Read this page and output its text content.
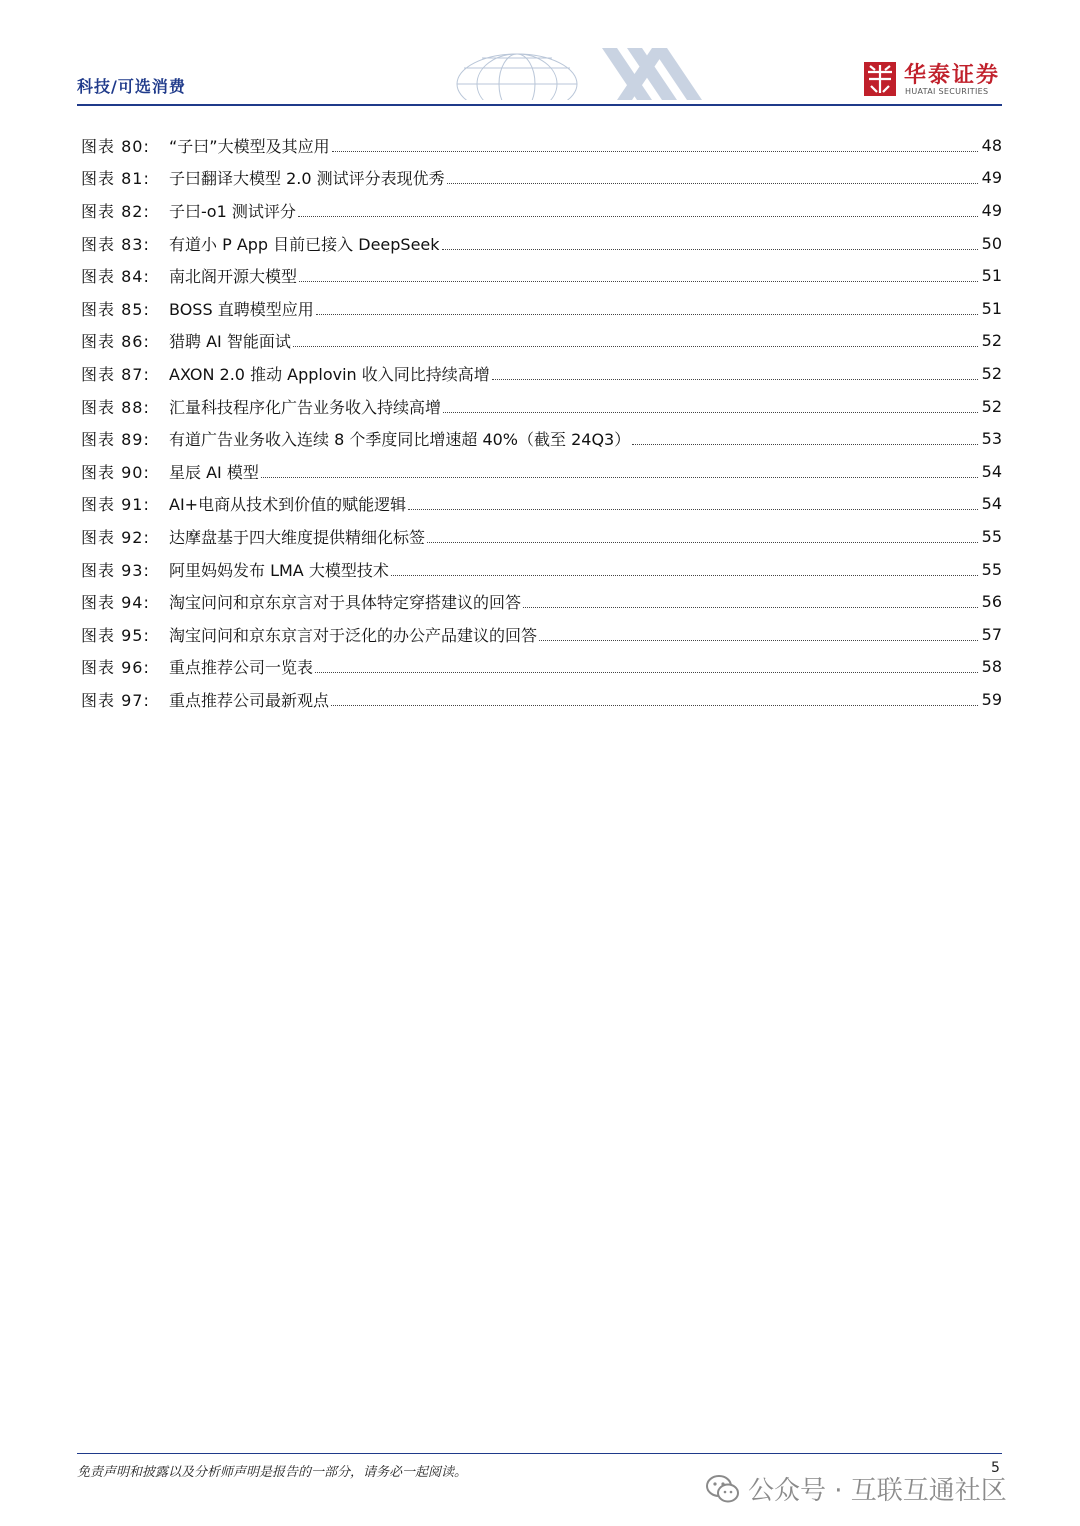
科技/可选消费	华泰证券
HUATAI SECURITIES
图表 80:	“子曰”大模型及其应用	48
图表 81:	子曰翻译大模型 2.0 测试评分表现优秀	49
图表 82:	子曰-o1 测试评分	49
图表 83:	有道小 P App 目前已接入 DeepSeek	50
图表 84:	南北阁开源大模型	51
图表 85:	BOSS 直聘模型应用	51
图表 86:	猎聘 AI 智能面试	52
图表 87:	AXON 2.0 推动 Applovin 收入同比持续高增	52
图表 88:	汇量科技程序化广告业务收入持续高增	52
图表 89:	有道广告业务收入连续 8 个季度同比增速超 40%（截至 24Q3）	53
图表 90:	星辰 AI 模型	54
图表 91:	AI+电商从技术到价值的赋能逻辑	54
图表 92:	达摩盘基于四大维度提供精细化标签	55
图表 93:	阿里妈妈发布 LMA 大模型技术	55
图表 94:	淘宝问问和京东京言对于具体特定穿搭建议的回答	56
图表 95:	淘宝问问和京东京言对于泛化的办公产品建议的回答	57
图表 96:	重点推荐公司一览表	58
图表 97:	重点推荐公司最新观点	59
免责声明和披露以及分析师声明是报告的一部分，请务必一起阅读。	5
公众号 · 互联互通社区
